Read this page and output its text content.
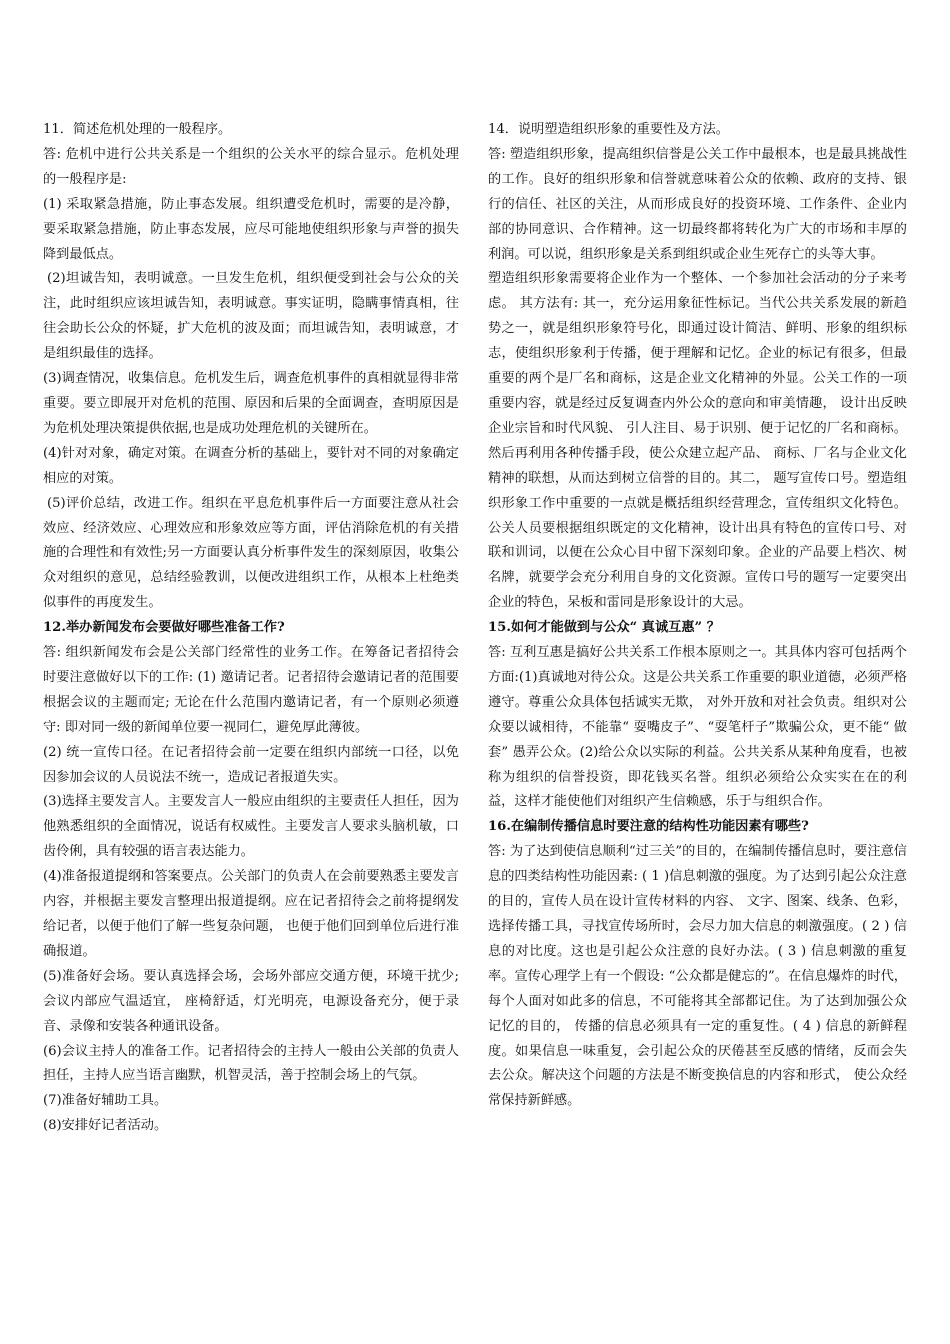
11．简述危机处理的一般程序。

答: 危机中进行公共关系是一个组织的公关水平的综合显示。危机处理的一般程序是:

(1) 采取紧急措施，防止事态发展。组织遭受危机时，需要的是冷静，要采取紧急措施，防止事态发展，应尽可能地使组织形象与声誉的损失降到最低点。

(2)坦诚告知，表明诚意。一旦发生危机，组织便受到社会与公众的关注，此时组织应该坦诚告知，表明诚意。事实证明，隐瞒事情真相，往往会助长公众的怀疑，扩大危机的波及面；而坦诚告知，表明诚意，才是组织最佳的选择。

(3)调查情况，收集信息。危机发生后，调查危机事件的真相就显得非常重要。要立即展开对危机的范围、原因和后果的全面调查，查明原因是为危机处理决策提供依据,也是成功处理危机的关键所在。

(4)针对对象，确定对策。在调查分析的基础上，要针对不同的对象确定相应的对策。

(5)评价总结，改进工作。组织在平息危机事件后一方面要注意从社会效应、经济效应、心理效应和形象效应等方面，评估消除危机的有关措施的合理性和有效性;另一方面要认真分析事件发生的深刻原因，收集公众对组织的意见，总结经验教训，以便改进组织工作，从根本上杜绝类似事件的再度发生。

12.举办新闻发布会要做好哪些准备工作?

答: 组织新闻发布会是公关部门经常性的业务工作。在筹备记者招待会时要注意做好以下的工作: (1) 邀请记者。记者招待会邀请记者的范围要根据会议的主题而定; 无论在什么范围内邀请记者，有一个原则必须遵守: 即对同一级的新闻单位要一视同仁，避免厚此薄彼。

(2) 统一宣传口径。在记者招待会前一定要在组织内部统一口径，以免因参加会议的人员说法不统一，造成记者报道失实。

(3)选择主要发言人。主要发言人一般应由组织的主要责任人担任，因为他熟悉组织的全面情况，说话有权威性。主要发言人要求头脑机敏，口齿伶俐，具有较强的语言表达能力。

(4)准备报道提纲和答案要点。公关部门的负责人在会前要熟悉主要发言内容，并根据主要发言整理出报道提纲。应在记者招待会之前将提纲发给记者，以便于他们了解一些复杂问题， 也便于他们回到单位后进行准确报道。

(5)准备好会场。要认真选择会场，会场外部应交通方便，环境干扰少; 会议内部应气温适宜， 座椅舒适，灯光明亮，电源设备充分，便于录音、录像和安装各种通讯设备。

(6)会议主持人的准备工作。记者招待会的主持人一般由公关部的负责人担任，主持人应当语言幽默，机智灵活，善于控制会场上的气氛。

(7)准备好辅助工具。

(8)安排好记者活动。

14．说明塑造组织形象的重要性及方法。

答: 塑造组织形象，提高组织信誉是公关工作中最根本，也是最具挑战性的工作。良好的组织形象和信誉就意味着公众的依赖、政府的支持、银行的信任、社区的关注，从而形成良好的投资环境、工作条件、企业内部的协同意识、合作精神。这一切最终都将转化为广大的市场和丰厚的利润。可以说，组织形象是关系到组织或企业生死存亡的头等大事。

塑造组织形象需要将企业作为一个整体、一个参加社会活动的分子来考虑。 其方法有: 其一，充分运用象征性标记。当代公共关系发展的新趋势之一，就是组织形象符号化，即通过设计简洁、鲜明、形象的组织标志，使组织形象利于传播，便于理解和记忆。企业的标记有很多，但最重要的两个是厂名和商标，这是企业文化精神的外显。公关工作的一项重要内容，就是经过反复调查内外公众的意向和审美情趣， 设计出反映企业宗旨和时代风貌、 引人注目、易于识别、便于记忆的厂名和商标。然后再利用各种传播手段，使公众建立起产品、 商标、厂名与企业文化精神的联想，从而达到树立信誉的目的。其二， 题写宣传口号。塑造组织形象工作中重要的一点就是概括组织经营理念，宣传组织文化特色。公关人员要根据组织既定的文化精神，设计出具有特色的宣传口号、对联和训词，以便在公众心目中留下深刻印象。企业的产品要上档次、树名牌，就要学会充分利用自身的文化资源。宣传口号的题写一定要突出企业的特色，呆板和雷同是形象设计的大忌。

15.如何才能做到与公众“ 真诚互惠” ？

答: 互利互惠是搞好公共关系工作根本原则之一。其具体内容可包括两个方面:(1)真诚地对待公众。这是公共关系工作重要的职业道德，必须严格遵守。尊重公众具体包括诚实无欺， 对外开放和对社会负责。组织对公众要以诚相待，不能靠“ 耍嘴皮子”、“耍笔杆子”欺骗公众，更不能“ 做套” 愚弄公众。(2)给公众以实际的利益。公共关系从某种角度看，也被称为组织的信誉投资，即花钱买名誉。组织必须给公众实实在在的利益，这样才能使他们对组织产生信赖感，乐于与组织合作。

16.在编制传播信息时要注意的结构性功能因素有哪些?

答: 为了达到使信息顺利“过三关”的目的，在编制传播信息时，要注意信息的四类结构性功能因素: ( 1 )信息刺激的强度。为了达到引起公众注意的目的，宣传人员在设计宣传材料的内容、 文字、图案、线条、色彩，选择传播工具，寻找宣传场所时，会尽力加大信息的刺激强度。( 2 ) 信息的对比度。这也是引起公众注意的良好办法。( 3 ) 信息刺激的重复率。宣传心理学上有一个假设: “公众都是健忘的”。在信息爆炸的时代，每个人面对如此多的信息，不可能将其全部都记住。为了达到加强公众记忆的目的， 传播的信息必须具有一定的重复性。( 4 ) 信息的新鲜程度。如果信息一味重复，会引起公众的厌倦甚至反感的情绪，反而会失去公众。解决这个问题的方法是不断变换信息的内容和形式， 使公众经常保持新鲜感。
